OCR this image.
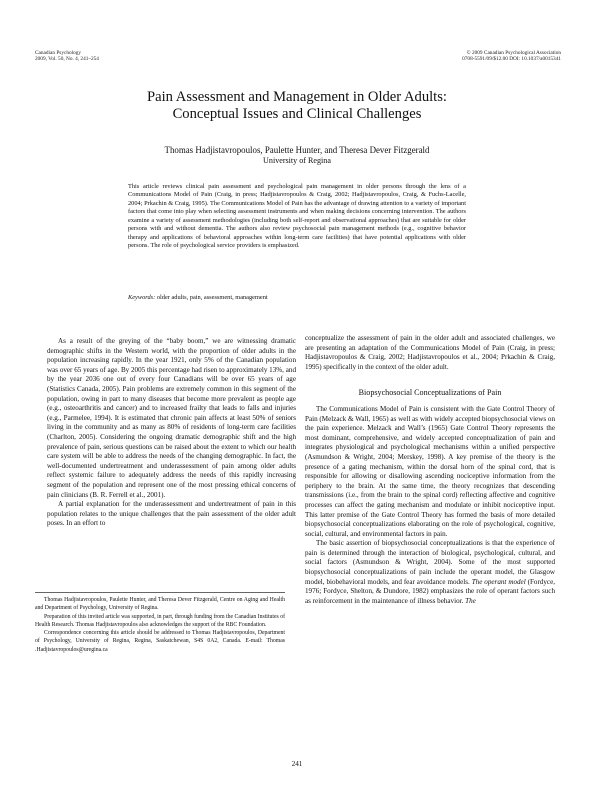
Canadian Psychology
2009, Vol. 50, No. 4, 241–254
© 2009 Canadian Psychological Association
0708-5591/09/$12.00 DOI: 10.1037/a0015341
Pain Assessment and Management in Older Adults:
Conceptual Issues and Clinical Challenges
Thomas Hadjistavropoulos, Paulette Hunter, and Theresa Dever Fitzgerald
University of Regina

This article reviews clinical pain assessment and psychological pain management in older persons through the lens of a Communications Model of Pain (Craig, in press; Hadjistavropoulos & Craig, 2002; Hadjistavropoulos, Craig, & Fuchs-Lacelle, 2004; Prkachin & Craig, 1995). The Communications Model of Pain has the advantage of drawing attention to a variety of important factors that come into play when selecting assessment instruments and when making decisions concerning intervention. The authors examine a variety of assessment methodologies (including both self-report and observational approaches) that are suitable for older persons with and without dementia. The authors also review psychosocial pain management methods (e.g., cognitive behavior therapy and applications of behavioral approaches within long-term care facilities) that have potential applications with older persons. The role of psychological service providers is emphasized.

Keywords: older adults, pain, assessment, management

As a result of the greying of the “baby boom,” we are witnessing dramatic demographic shifts in the Western world, with the proportion of older adults in the population increasing rapidly. In the year 1921, only 5% of the Canadian population was over 65 years of age. By 2005 this percentage had risen to approximately 13%, and by the year 2036 one out of every four Canadians will be over 65 years of age (Statistics Canada, 2005). Pain problems are extremely common in this segment of the population, owing in part to many diseases that become more prevalent as people age (e.g., osteoarthritis and cancer) and to increased frailty that leads to falls and injuries (e.g., Parmelee, 1994). It is estimated that chronic pain affects at least 50% of seniors living in the community and as many as 80% of residents of long-term care facilities (Charlton, 2005). Considering the ongoing dramatic demographic shift and the high prevalence of pain, serious questions can be raised about the extent to which our health care system will be able to address the needs of the changing demographic. In fact, the well-documented undertreatment and underassessment of pain among older adults reflect systemic failure to adequately address the needs of this rapidly increasing segment of the population and represent one of the most pressing ethical concerns of pain clinicians (B. R. Ferrell et al., 2001).

A partial explanation for the underassessment and undertreatment of pain in this population relates to the unique challenges that the pain assessment of the older adult poses. In an effort to

Thomas Hadjistavropoulos, Paulette Hunter, and Theresa Dever Fitzgerald, Centre on Aging and Health and Department of Psychology, University of Regina.

Preparation of this invited article was supported, in part, through funding from the Canadian Institutes of Health Research. Thomas Hadjistavropoulos also acknowledges the support of the RBC Foundation.

Correspondence concerning this article should be addressed to Thomas Hadjistavropoulos, Department of Psychology, University of Regina, Regina, Saskatchewan, S4S 0A2, Canada. E-mail: Thomas .Hadjistavropoulos@uregina.ca

conceptualize the assessment of pain in the older adult and associated challenges, we are presenting an adaptation of the Communications Model of Pain (Craig, in press; Hadjistavropoulos & Craig, 2002; Hadjistavropoulos et al., 2004; Prkachin & Craig, 1995) specifically in the context of the older adult.

Biopsychosocial Conceptualizations of Pain

The Communications Model of Pain is consistent with the Gate Control Theory of Pain (Melzack & Wall, 1965) as well as with widely accepted biopsychosocial views on the pain experience. Melzack and Wall’s (1965) Gate Control Theory represents the most dominant, comprehensive, and widely accepted conceptualization of pain and integrates physiological and psychological mechanisms within a unified perspective (Asmundson & Wright, 2004; Merskey, 1998). A key premise of the theory is the presence of a gating mechanism, within the dorsal horn of the spinal cord, that is responsible for allowing or disallowing ascending nociceptive information from the periphery to the brain. At the same time, the theory recognizes that descending transmissions (i.e., from the brain to the spinal cord) reflecting affective and cognitive processes can affect the gating mechanism and modulate or inhibit nociceptive input. This latter premise of the Gate Control Theory has formed the basis of more detailed biopsychosocial conceptualizations elaborating on the role of psychological, cognitive, social, cultural, and environmental factors in pain.

The basic assertion of biopsychosocial conceptualizations is that the experience of pain is determined through the interaction of biological, psychological, cultural, and social factors (Asmundson & Wright, 2004). Some of the most supported biopsychosocial conceptualizations of pain include the operant model, the Glasgow model, biobehavioral models, and fear avoidance models. The operant model (Fordyce, 1976; Fordyce, Shelton, & Dundore, 1982) emphasizes the role of operant factors such as reinforcement in the maintenance of illness behavior. The

241
